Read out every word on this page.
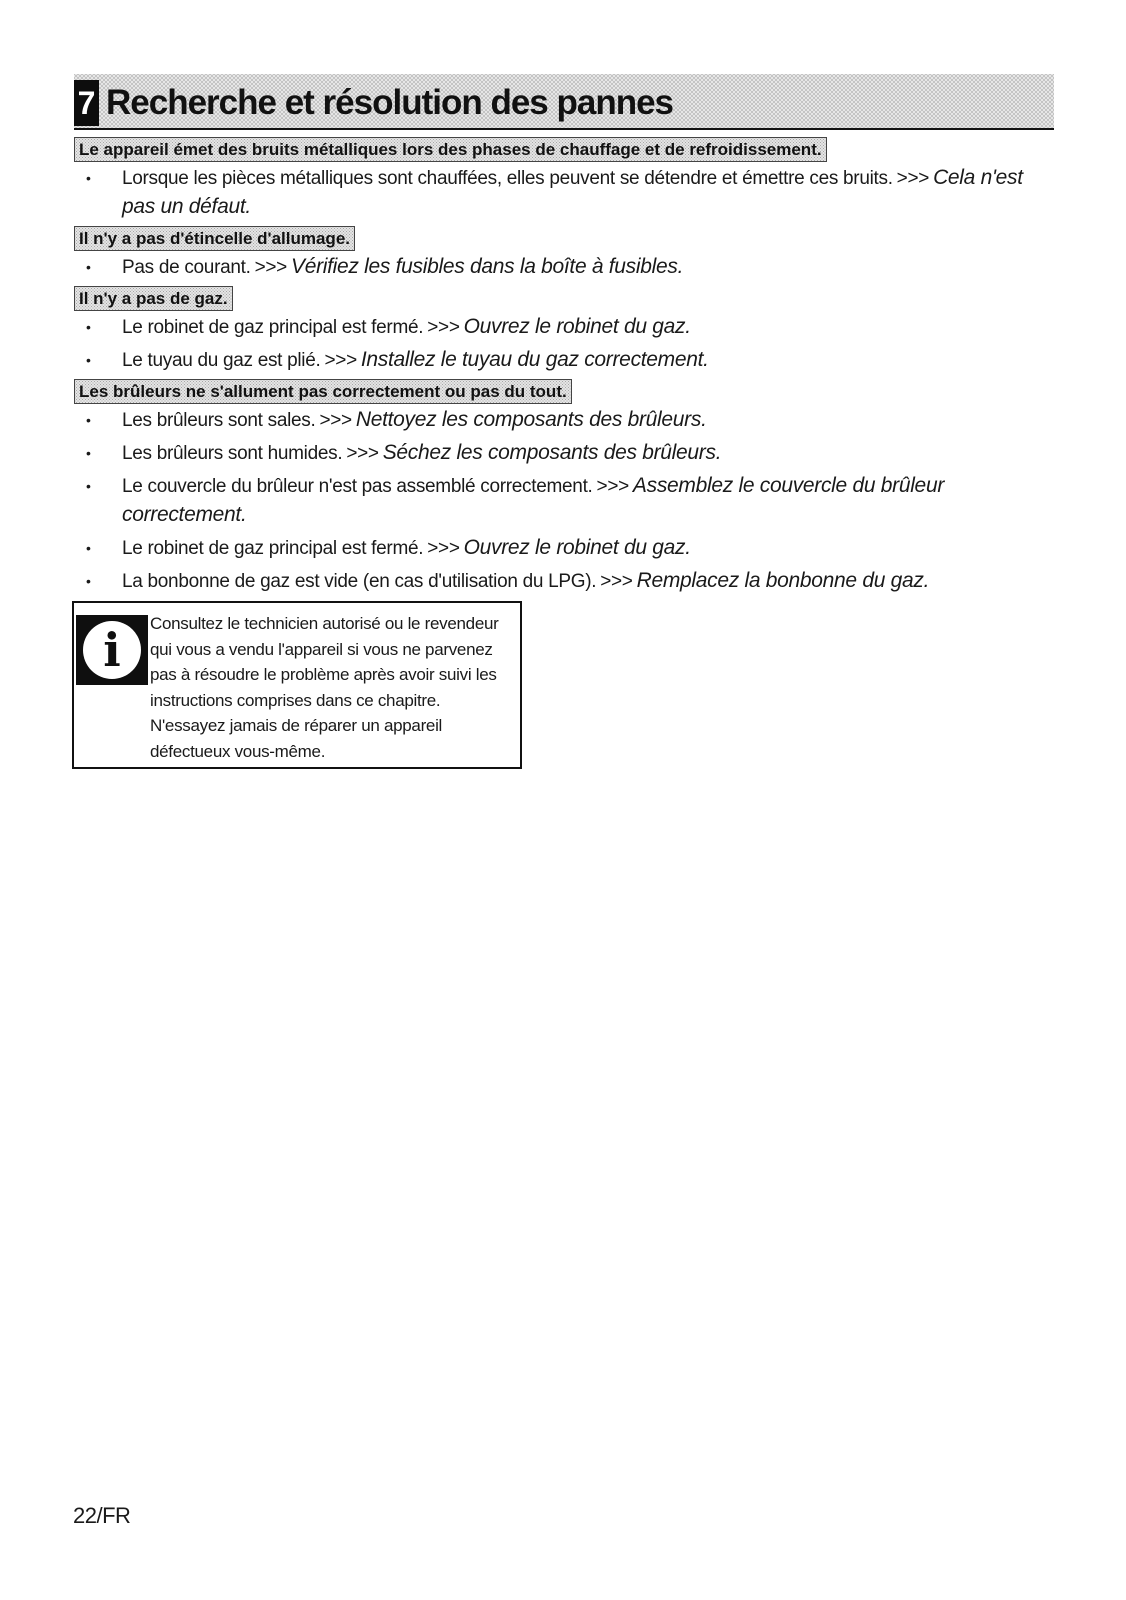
7 Recherche et résolution des pannes
Le appareil émet des bruits métalliques lors des phases de chauffage et de refroidissement.
• Lorsque les pièces métalliques sont chauffées, elles peuvent se détendre et émettre ces bruits. >>> Cela n'est pas un défaut.
Il n'y a pas d'étincelle d'allumage.
• Pas de courant. >>> Vérifiez les fusibles dans la boîte à fusibles.
Il n'y a pas de gaz.
• Le robinet de gaz principal est fermé. >>> Ouvrez le robinet du gaz.
• Le tuyau du gaz est plié. >>> Installez le tuyau du gaz correctement.
Les brûleurs ne s'allument pas correctement ou pas du tout.
• Les brûleurs sont sales. >>> Nettoyez les composants des brûleurs.
• Les brûleurs sont humides. >>> Séchez les composants des brûleurs.
• Le couvercle du brûleur n'est pas assemblé correctement. >>> Assemblez le couvercle du brûleur correctement.
• Le robinet de gaz principal est fermé. >>> Ouvrez le robinet du gaz.
• La bonbonne de gaz est vide (en cas d'utilisation du LPG). >>> Remplacez la bonbonne du gaz.
i	Consultez le technicien autorisé ou le revendeur qui vous a vendu l'appareil si vous ne parvenez pas à résoudre le problème après avoir suivi les instructions comprises dans ce chapitre. N'essayez jamais de réparer un appareil défectueux vous-même.

22/FR
